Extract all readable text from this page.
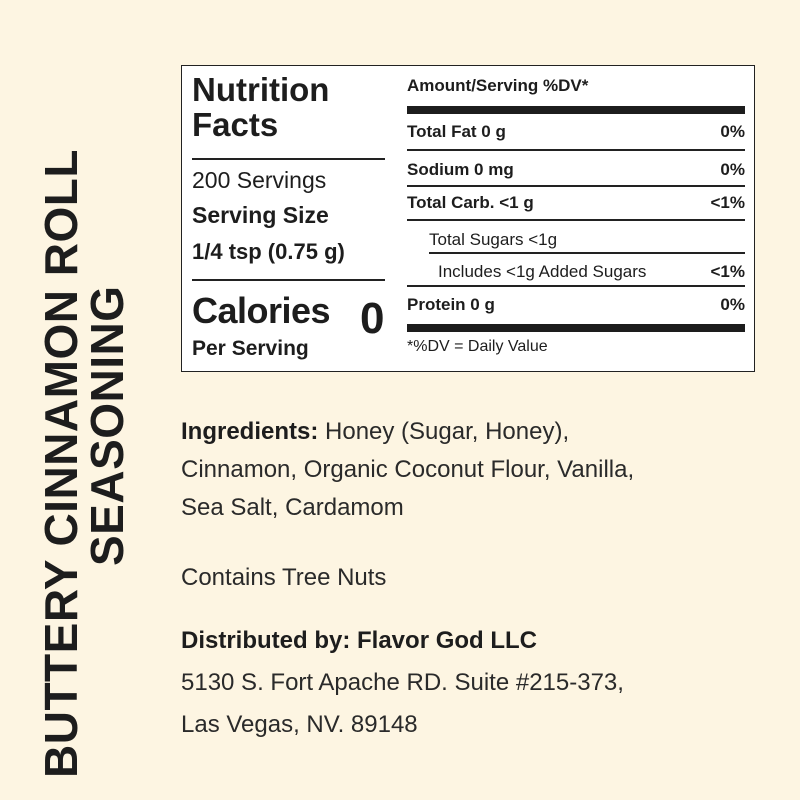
BUTTERY CINNAMON ROLL
SEASONING
Nutrition
Facts
200 Servings
Serving Size
1/4 tsp (0.75 g)
Calories 0
Per Serving
Amount/Serving %DV*
Total Fat 0 g	0%
Sodium 0 mg	0%
Total Carb. <1 g	<1%
Total Sugars <1g
Includes <1g Added Sugars	<1%
Protein 0 g	0%
*%DV = Daily Value
Ingredients: Honey (Sugar, Honey),
Cinnamon, Organic Coconut Flour, Vanilla,
Sea Salt, Cardamom
Contains Tree Nuts
Distributed by: Flavor God LLC
5130 S. Fort Apache RD. Suite #215-373,
Las Vegas, NV. 89148
